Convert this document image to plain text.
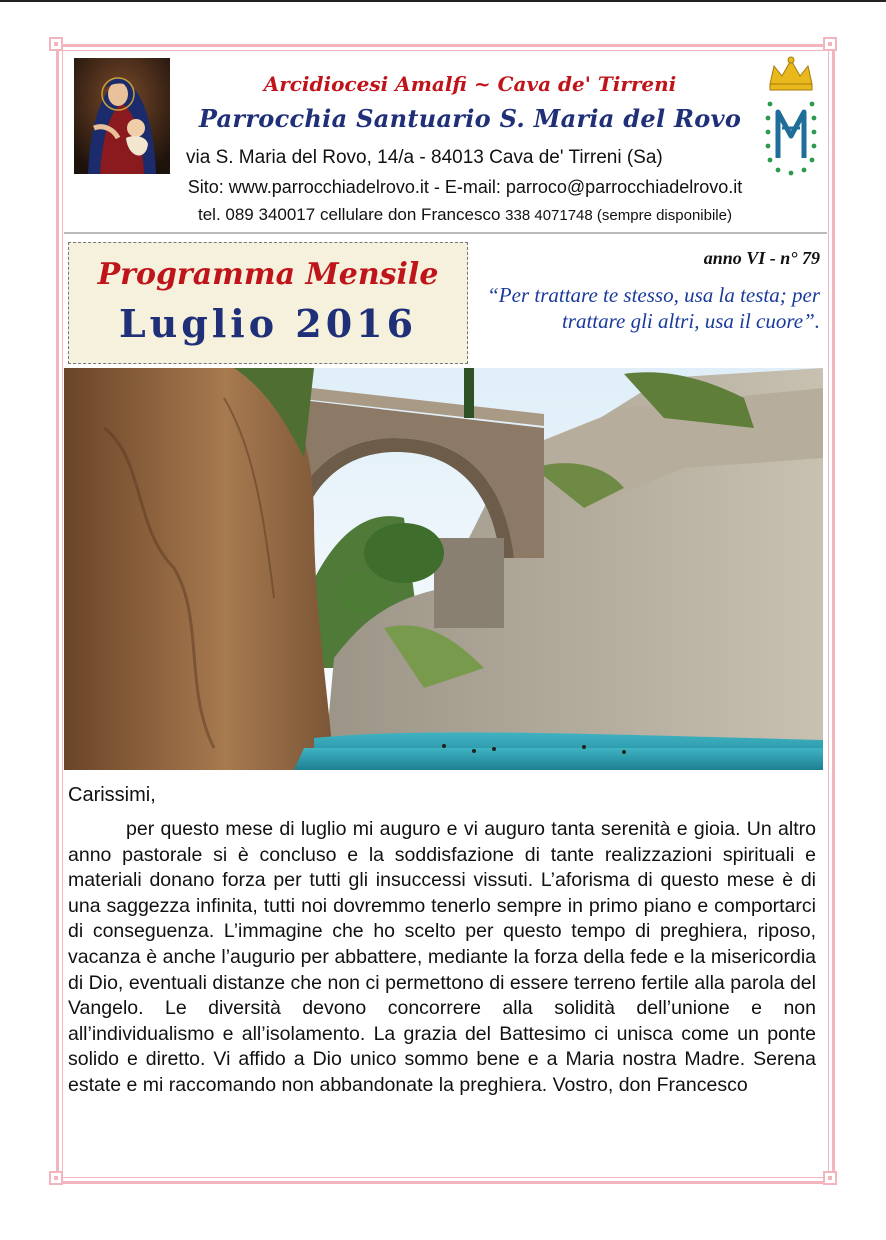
Arcidiocesi Amalfi ~ Cava de' Tirreni
Parrocchia Santuario S. Maria del Rovo
via S. Maria del Rovo, 14/a - 84013 Cava de' Tirreni (Sa)
Sito: www.parrocchiadelrovo.it - E-mail: parroco@parrocchiadelrovo.it
tel. 089 340017 cellulare don Francesco 338 4071748 (sempre disponibile)
Programma Mensile
Luglio 2016
anno VI - n° 79
“Per trattare te stesso, usa la testa; per trattare gli altri, usa il cuore”.
Carissimi,

per questo mese di luglio mi auguro e vi auguro tanta serenità e gioia. Un altro anno pastorale si è concluso e la soddisfazione di tante realizzazioni spirituali e materiali donano forza per tutti gli insuccessi vissuti. L’aforisma di questo mese è di una saggezza infinita, tutti noi dovremmo tenerlo sempre in primo piano e comportarci di conseguenza. L’immagine che ho scelto per questo tempo di preghiera, riposo, vacanza è anche l’augurio per abbattere, mediante la forza della fede e la misericordia di Dio, eventuali distanze che non ci permettono di essere terreno fertile alla parola del Vangelo. Le diversità devono concorrere alla solidità dell’unione e non all’individualismo e all’isolamento. La grazia del Battesimo ci unisca come un ponte solido e diretto. Vi affido a Dio unico sommo bene e a Maria nostra Madre. Serena estate e mi raccomando non abbandonate la preghiera. Vostro, don Francesco
